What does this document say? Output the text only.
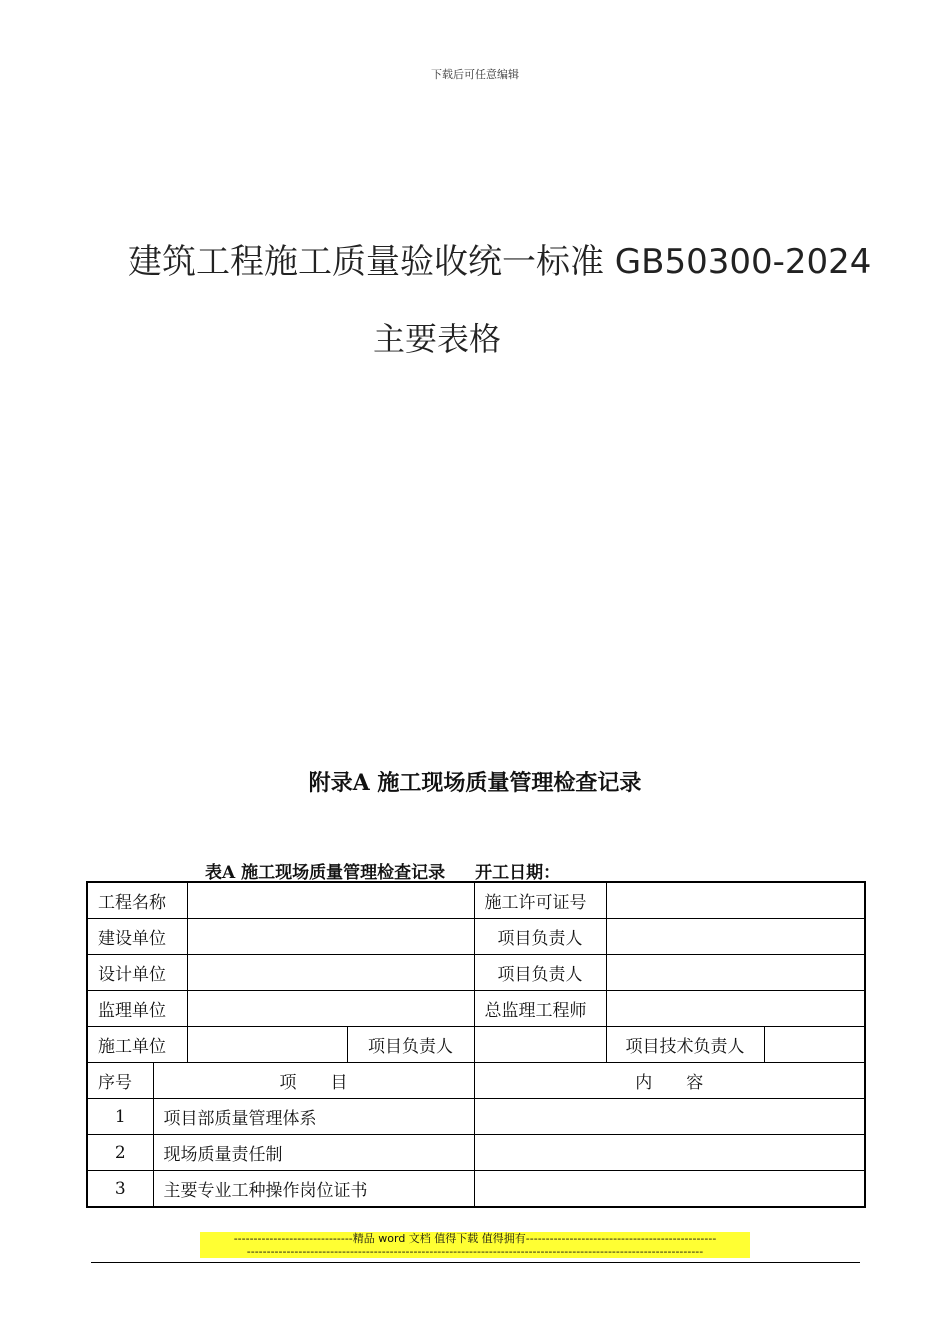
下载后可任意编辑
建筑工程施工质量验收统一标准 GB50300-2024
主要表格
附录A 施工现场质量管理检查记录
表A 施工现场质量管理检查记录 开工日期：
工程名称				施工许可证号		
建设单位				项目负责人		
设计单位				项目负责人		
监理单位				总监理工程师		
施工单位			项目负责人		项目技术负责人	
序号	项　　目			内　　容		
1	项目部质量管理体系					
2	现场质量责任制					
3	主要专业工种操作岗位证书					
------------------------------精品 word 文档 值得下载 值得拥有------------------------------------------------
-------------------------------------------------------------------------------------------------------------------
